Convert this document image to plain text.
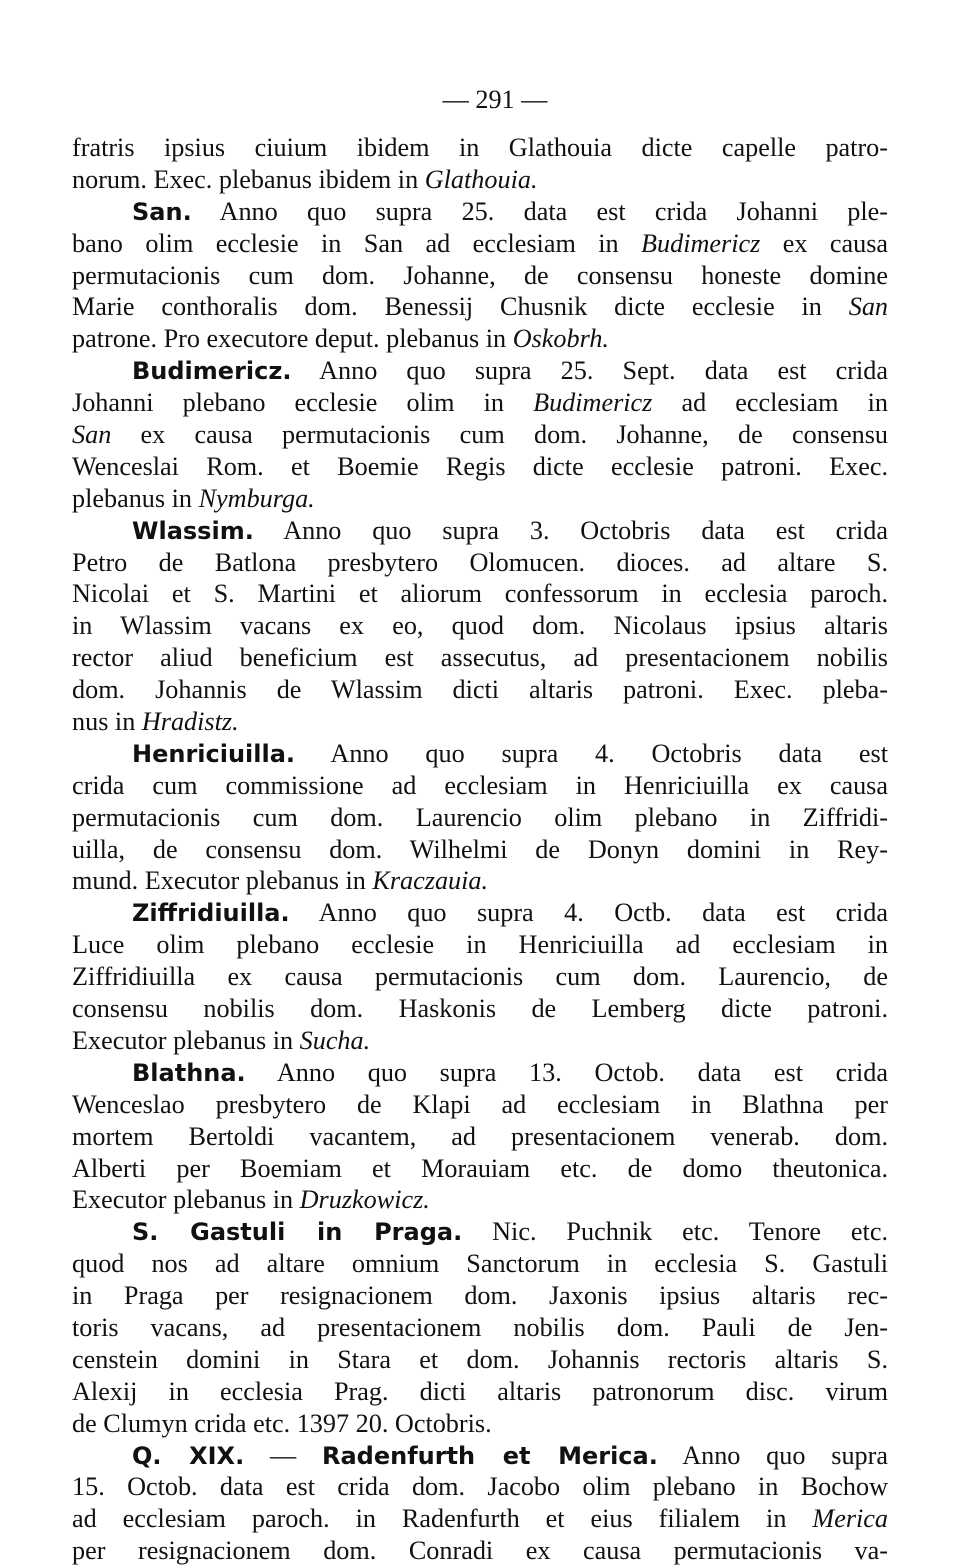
— 291 —
fratris ipsius ciuium ibidem in Glathouia dicte capelle patro-
norum. Exec. plebanus ibidem in Glathouia.
San. Anno quo supra 25. data est crida Johanni ple-
bano olim ecclesie in San ad ecclesiam in Budimericz ex causa
permutacionis cum dom. Johanne, de consensu honeste domine
Marie conthoralis dom. Benessij Chusnik dicte ecclesie in San
patrone. Pro executore deput. plebanus in Oskobrh.
Budimericz. Anno quo supra 25. Sept. data est crida
Johanni plebano ecclesie olim in Budimericz ad ecclesiam in
San ex causa permutacionis cum dom. Johanne, de consensu
Wenceslai Rom. et Boemie Regis dicte ecclesie patroni. Exec.
plebanus in Nymburga.
Wlassim. Anno quo supra 3. Octobris data est crida
Petro de Batlona presbytero Olomucen. dioces. ad altare S.
Nicolai et S. Martini et aliorum confessorum in ecclesia paroch.
in Wlassim vacans ex eo, quod dom. Nicolaus ipsius altaris
rector aliud beneficium est assecutus, ad presentacionem nobilis
dom. Johannis de Wlassim dicti altaris patroni. Exec. pleba-
nus in Hradistz.
Henriciuilla. Anno quo supra 4. Octobris data est
crida cum commissione ad ecclesiam in Henriciuilla ex causa
permutacionis cum dom. Laurencio olim plebano in Ziffridi-
uilla, de consensu dom. Wilhelmi de Donyn domini in Rey-
mund. Executor plebanus in Kraczauia.
Ziffridiuilla. Anno quo supra 4. Octb. data est crida
Luce olim plebano ecclesie in Henriciuilla ad ecclesiam in
Ziffridiuilla ex causa permutacionis cum dom. Laurencio, de
consensu nobilis dom. Haskonis de Lemberg dicte patroni.
Executor plebanus in Sucha.
Blathna. Anno quo supra 13. Octob. data est crida
Wenceslao presbytero de Klapi ad ecclesiam in Blathna per
mortem Bertoldi vacantem, ad presentacionem venerab. dom.
Alberti per Boemiam et Morauiam etc. de domo theutonica.
Executor plebanus in Druzkowicz.
S. Gastuli in Praga. Nic. Puchnik etc. Tenore etc.
quod nos ad altare omnium Sanctorum in ecclesia S. Gastuli
in Praga per resignacionem dom. Jaxonis ipsius altaris rec-
toris vacans, ad presentacionem nobilis dom. Pauli de Jen-
censtein domini in Stara et dom. Johannis rectoris altaris S.
Alexij in ecclesia Prag. dicti altaris patronorum disc. virum
de Clumyn crida etc. 1397 20. Octobris.
Q. XIX. — Radenfurth et Merica. Anno quo supra
15. Octob. data est crida dom. Jacobo olim plebano in Bochow
ad ecclesiam paroch. in Radenfurth et eius filialem in Merica
per resignacionem dom. Conradi ex causa permutacionis va-
